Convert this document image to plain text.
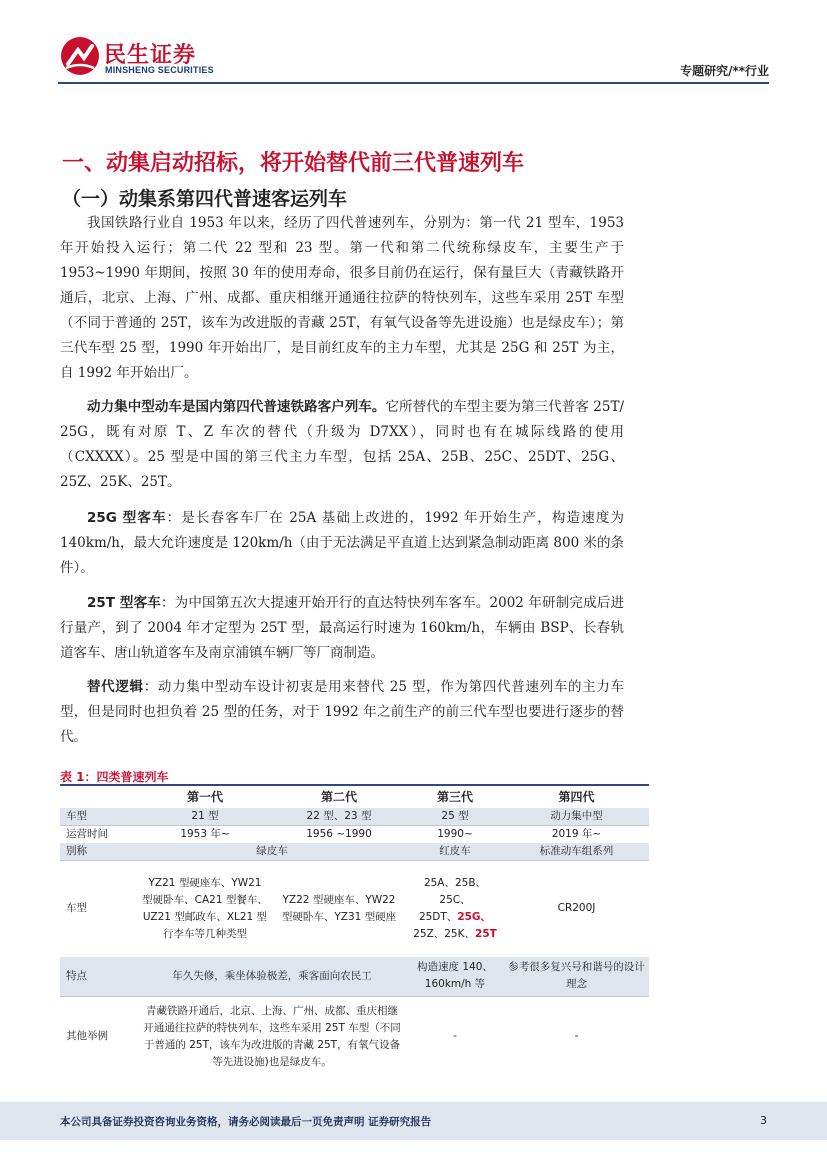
民生证券
MINSHENG SECURITIES	专题研究/**行业
一、动集启动招标，将开始替代前三代普速列车
（一）动集系第四代普速客运列车
我国铁路行业自 1953 年以来，经历了四代普速列车，分别为：第一代 21 型车，1953 年开始投入运行；第二代 22 型和 23 型。第一代和第二代统称绿皮车，主要生产于 1953~1990 年期间，按照 30 年的使用寿命，很多目前仍在运行，保有量巨大（青藏铁路开通后，北京、上海、广州、成都、重庆相继开通通往拉萨的特快列车，这些车采用 25T 车型（不同于普通的 25T，该车为改进版的青藏 25T，有氧气设备等先进设施）也是绿皮车）；第三代车型 25 型，1990 年开始出厂，是目前红皮车的主力车型，尤其是 25G 和 25T 为主，自 1992 年开始出厂。
动力集中型动车是国内第四代普速铁路客户列车。它所替代的车型主要为第三代普客 25T/ 25G，既有对原 T、Z 车次的替代（升级为 D7XX），同时也有在城际线路的使用（CXXXX）。25 型是中国的第三代主力车型，包括 25A、25B、25C、25DT、25G、25Z、25K、25T。
25G 型客车：是长春客车厂在 25A 基础上改进的，1992 年开始生产，构造速度为 140km/h，最大允许速度是 120km/h（由于无法满足平直道上达到紧急制动距离 800 米的条件）。
25T 型客车：为中国第五次大提速开始开行的直达特快列车客车。2002 年研制完成后进行量产，到了 2004 年才定型为 25T 型，最高运行时速为 160km/h，车辆由 BSP、长春轨道客车、唐山轨道客车及南京浦镇车辆厂等厂商制造。
替代逻辑：动力集中型动车设计初衷是用来替代 25 型，作为第四代普速列车的主力车型，但是同时也担负着 25 型的任务，对于 1992 年之前生产的前三代车型也要进行逐步的替代。
表 1：四类普速列车
	第一代	第二代	第三代	第四代
车型	21 型	22 型、23 型	25 型	动力集中型
运营时间	1953 年~	1956 ~1990	1990~	2019 年~
别称	绿皮车		红皮车	标准动车组系列
车型	YZ21 型硬座车、YW21 型硬卧车、CA21 型餐车、UZ21 型邮政车、XL21 型行李车等几种类型	YZ22 型硬座车、YW22 型硬卧车、YZ31 型硬座	25A、25B、25C、
25DT、25G、
25Z、25K、25T	CR200J
特点	年久失修，乘坐体验极差，乘客面向农民工		构造速度 140、160km/h 等	参考很多复兴号和谐号的设计理念
其他举例	青藏铁路开通后，北京、上海、广州、成都、重庆相继开通通往拉萨的特快列车，这些车采用 25T 车型（不同于普通的 25T，该车为改进版的青藏 25T，有氧气设备等先进设施)也是绿皮车。		-	-
本公司具备证券投资咨询业务资格，请务必阅读最后一页免责声明 证券研究报告	3
